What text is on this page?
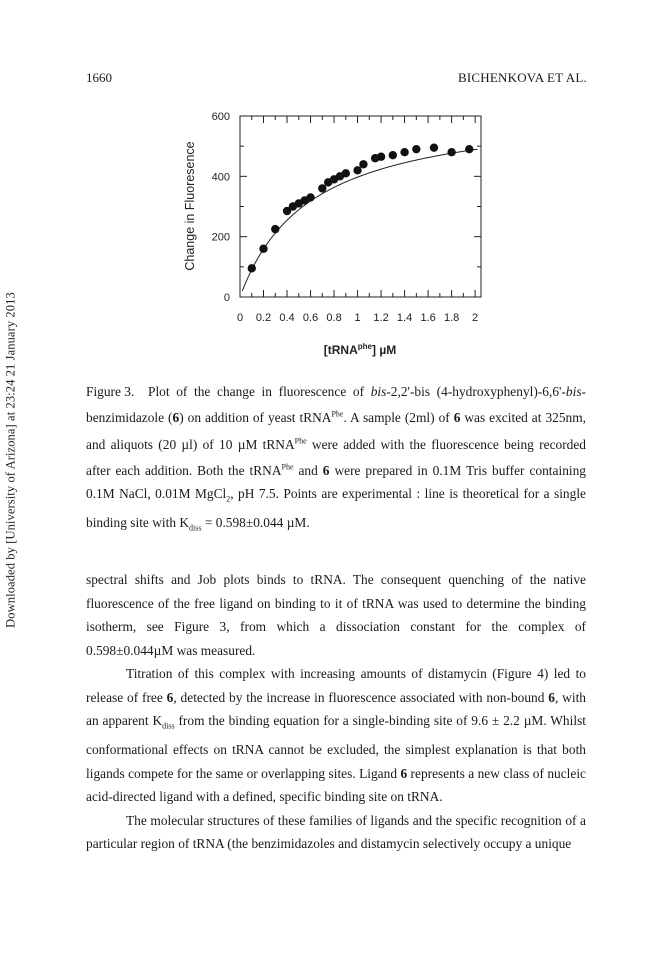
Downloaded by [University of Arizona] at 23:24 21 January 2013
1660	BICHENKOVA ET AL.
0
200
400
600
0 0.2 0.4 0.6 0.8 1 1.2 1.4 1.6 1.8 2
Change in Fluoresence
[tRNA$^{phe}$] µM
Figure 3. Plot of the change in fluorescence of bis-2,2'-bis (4-hydroxyphenyl)-6,6'-bis-benzimidazole (6) on addition of yeast tRNA$^{Phe}$. A sample (2ml) of 6 was excited at 325nm, and aliquots (20 µl) of 10 µM tRNA$^{Phe}$ were added with the fluorescence being recorded after each addition. Both the tRNA$^{Phe}$ and 6 were prepared in 0.1M Tris buffer containing 0.1M NaCl, 0.01M MgCl$_2$, pH 7.5. Points are experimental : line is theoretical for a single binding site with $K_{diss} = 0.598\pm 0.044$ µM.

spectral shifts and Job plots binds to tRNA. The consequent quenching of the native fluorescence of the free ligand on binding to it of tRNA was used to determine the binding isotherm, see Figure 3, from which a dissociation constant for the complex of 0.598±0.044µM was measured.

Titration of this complex with increasing amounts of distamycin (Figure 4) led to release of free 6, detected by the increase in fluorescence associated with non-bound 6, with an apparent $K_{diss}$ from the binding equation for a single-binding site of 9.6 ± 2.2 µM. Whilst conformational effects on tRNA cannot be excluded, the simplest explanation is that both ligands compete for the same or overlapping sites. Ligand 6 represents a new class of nucleic acid-directed ligand with a defined, specific binding site on tRNA.

The molecular structures of these families of ligands and the specific recognition of a particular region of tRNA (the benzimidazoles and distamycin selectively occupy a unique
